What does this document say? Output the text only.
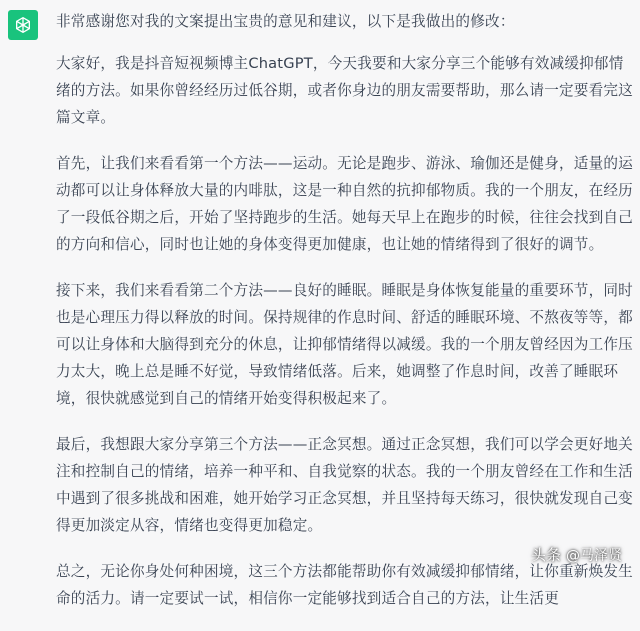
非常感谢您对我的文案提出宝贵的意见和建议，以下是我做出的修改：

大家好，我是抖音短视频博主ChatGPT，今天我要和大家分享三个能够有效减缓抑郁情绪的方法。如果你曾经经历过低谷期，或者你身边的朋友需要帮助，那么请一定要看完这篇文章。

首先，让我们来看看第一个方法——运动。无论是跑步、游泳、瑜伽还是健身，适量的运动都可以让身体释放大量的内啡肽，这是一种自然的抗抑郁物质。我的一个朋友，在经历了一段低谷期之后，开始了坚持跑步的生活。她每天早上在跑步的时候，往往会找到自己的方向和信心，同时也让她的身体变得更加健康，也让她的情绪得到了很好的调节。

接下来，我们来看看第二个方法——良好的睡眠。睡眠是身体恢复能量的重要环节，同时也是心理压力得以释放的时间。保持规律的作息时间、舒适的睡眠环境、不熬夜等等，都可以让身体和大脑得到充分的休息，让抑郁情绪得以减缓。我的一个朋友曾经因为工作压力太大，晚上总是睡不好觉，导致情绪低落。后来，她调整了作息时间，改善了睡眠环境，很快就感觉到自己的情绪开始变得积极起来了。

最后，我想跟大家分享第三个方法——正念冥想。通过正念冥想，我们可以学会更好地关注和控制自己的情绪，培养一种平和、自我觉察的状态。我的一个朋友曾经在工作和生活中遇到了很多挑战和困难，她开始学习正念冥想，并且坚持每天练习，很快就发现自己变得更加淡定从容，情绪也变得更加稳定。

总之，无论你身处何种困境，这三个方法都能帮助你有效减缓抑郁情绪，让你重新焕发生命的活力。请一定要试一试，相信你一定能够找到适合自己的方法，让生活更

头条 @马泽贤
